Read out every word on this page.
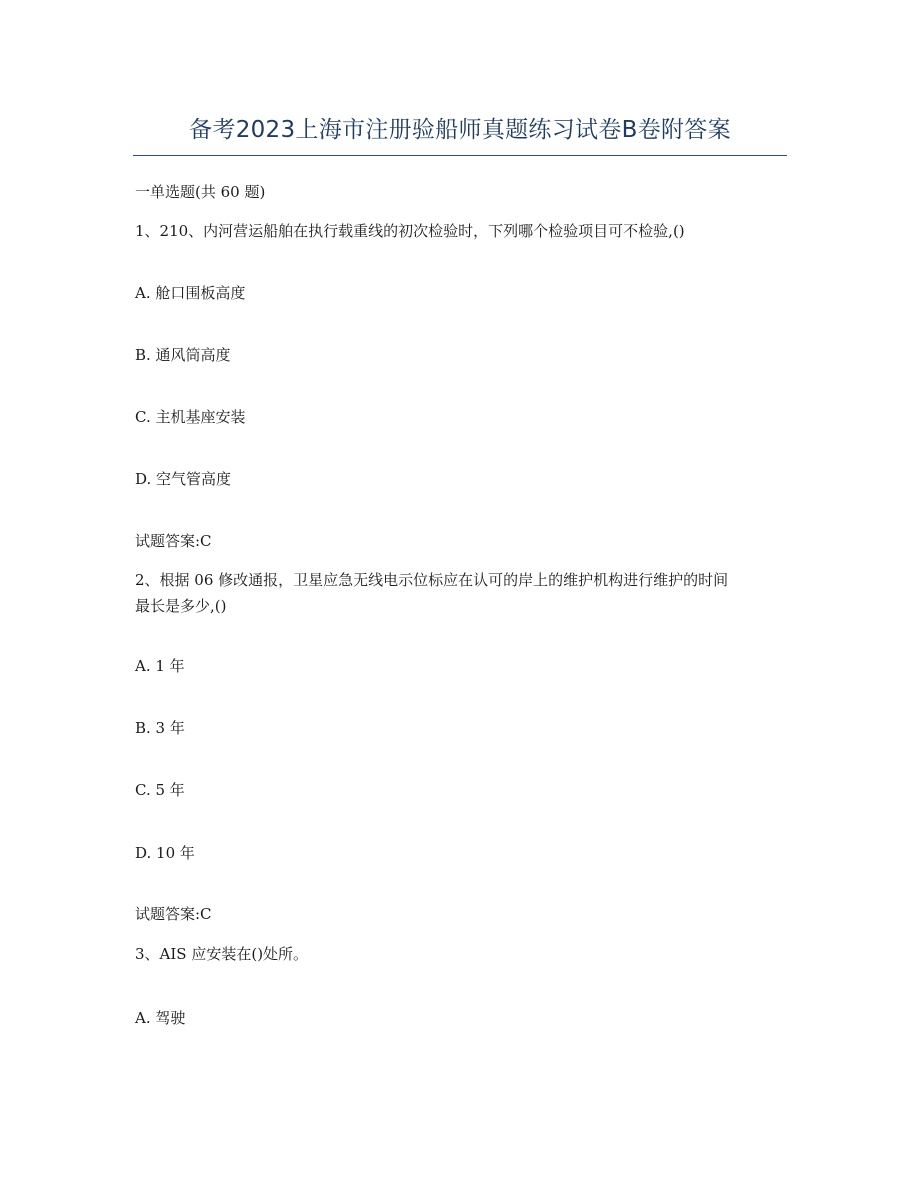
备考2023上海市注册验船师真题练习试卷B卷附答案
一单选题(共 60 题)
1、210、内河营运船舶在执行载重线的初次检验时，下列哪个检验项目可不检验,()
A. 舱口围板高度
B. 通风筒高度
C. 主机基座安装
D. 空气管高度
试题答案:C
2、根据 06 修改通报，卫星应急无线电示位标应在认可的岸上的维护机构进行维护的时间
最长是多少,()
A. 1 年
B. 3 年
C. 5 年
D. 10 年
试题答案:C
3、AIS 应安装在()处所。
A. 驾驶
